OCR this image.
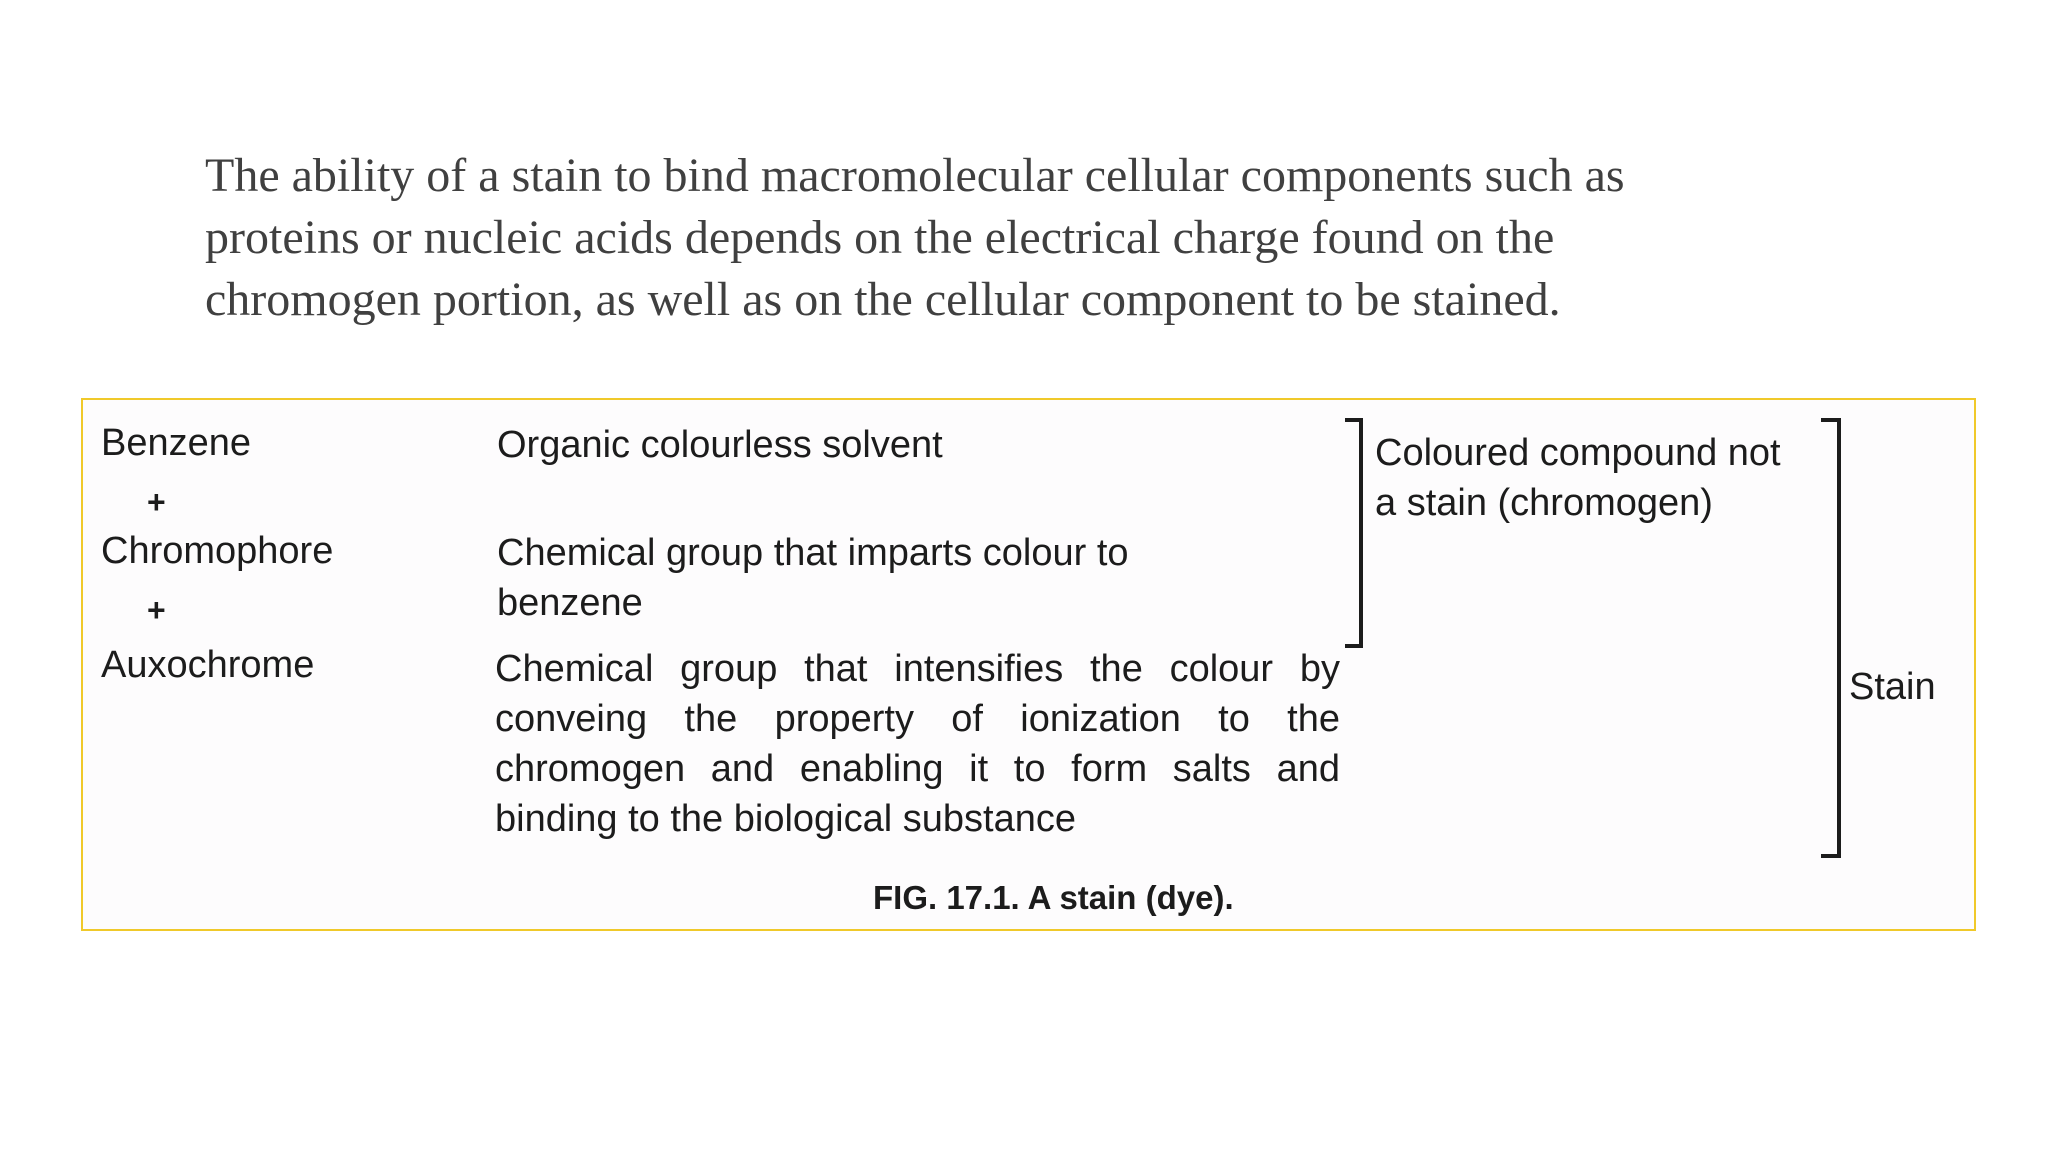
The ability of a stain to bind macromolecular cellular components such as
proteins or nucleic acids depends on the electrical charge found on the
chromogen portion, as well as on the cellular component to be stained.
Benzene
+
Chromophore
+
Auxochrome
Organic colourless solvent
Chemical group that imparts colour to
benzene
Chemical group that intensifies the colour by
conveing the property of ionization to the
chromogen and enabling it to form salts and
binding to the biological substance
Coloured compound not
a stain (chromogen)
Stain
FIG. 17.1. A stain (dye).
